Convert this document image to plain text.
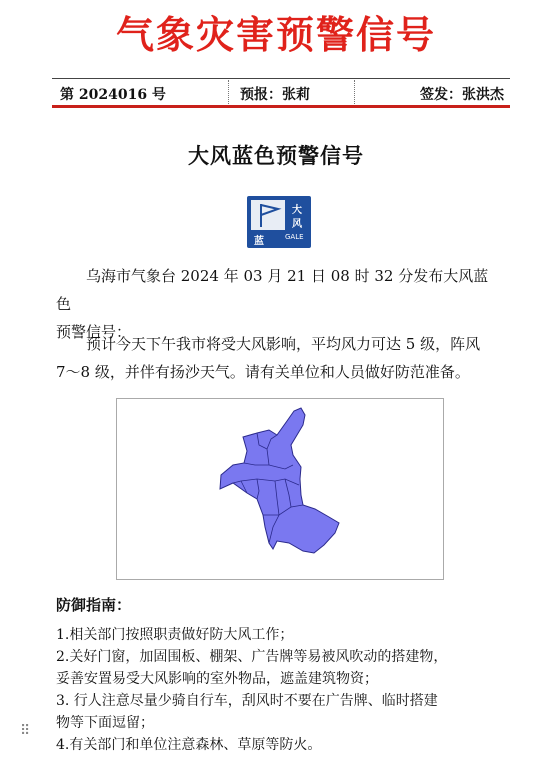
气象灾害预警信号
第 2024016 号	预报：张莉	签发：张洪杰
大风蓝色预警信号
大
风
蓝	GALE
乌海市气象台 2024 年 03 月 21 日 08 时 32 分发布大风蓝色
预警信号：
预计今天下午我市将受大风影响，平均风力可达 5 级，阵风
7～8 级，并伴有扬沙天气。请有关单位和人员做好防范准备。
防御指南：
1.相关部门按照职责做好防大风工作；
2.关好门窗，加固围板、棚架、广告牌等易被风吹动的搭建物，
妥善安置易受大风影响的室外物品，遮盖建筑物资；
3. 行人注意尽量少骑自行车，刮风时不要在广告牌、临时搭建
物等下面逗留；
4.有关部门和单位注意森林、草原等防火。
⠿
